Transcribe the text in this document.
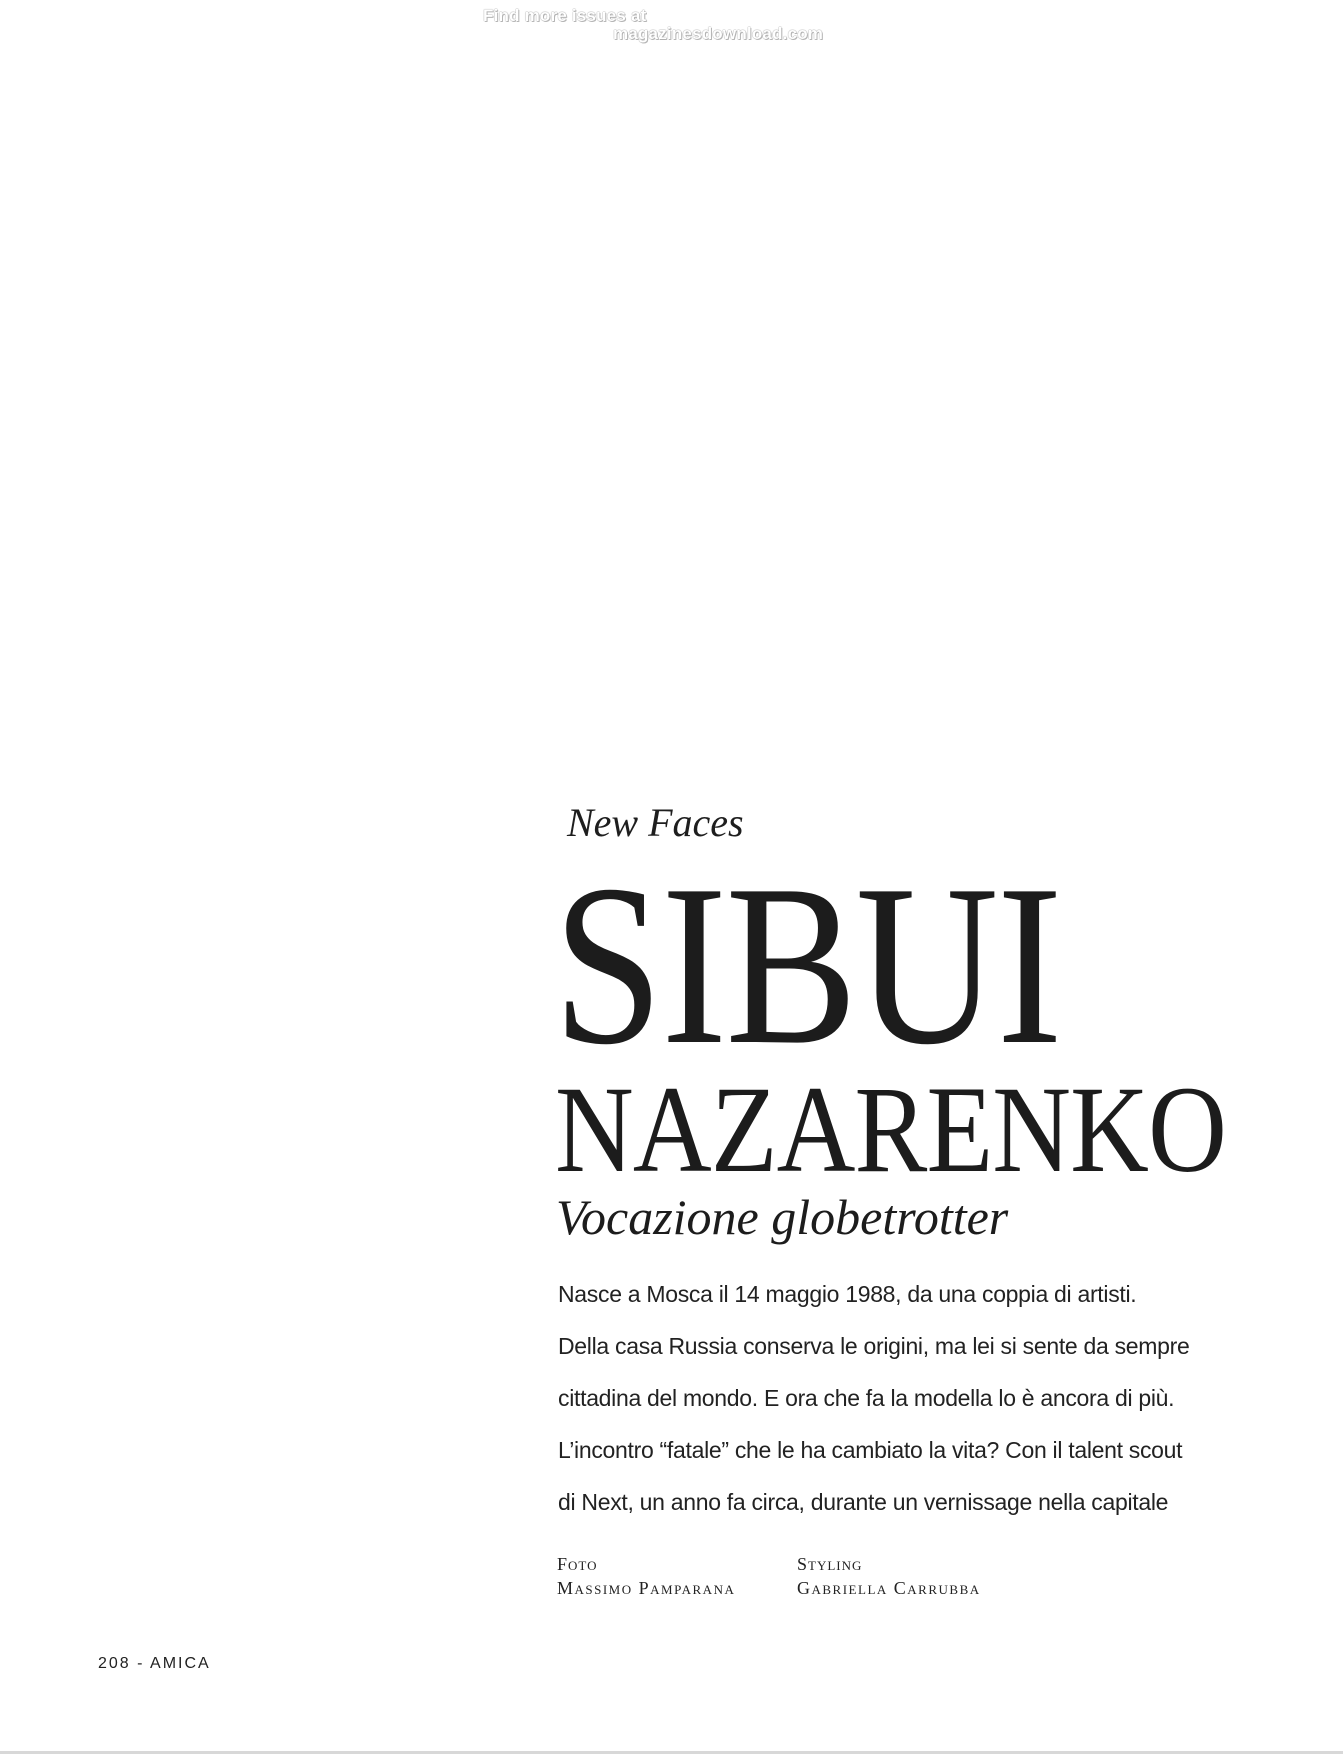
Find more issues at
magazinesdownload.com
New Faces
SIBUI
NAZARENKO
Vocazione globetrotter
Nasce a Mosca il 14 maggio 1988, da una coppia di artisti.
Della casa Russia conserva le origini, ma lei si sente da sempre
cittadina del mondo. E ora che fa la modella lo è ancora di più.
L’incontro “fatale” che le ha cambiato la vita? Con il talent scout
di Next, un anno fa circa, durante un vernissage nella capitale
Foto
Massimo Pamparana
Styling
Gabriella Carrubba
208 - AMICA
